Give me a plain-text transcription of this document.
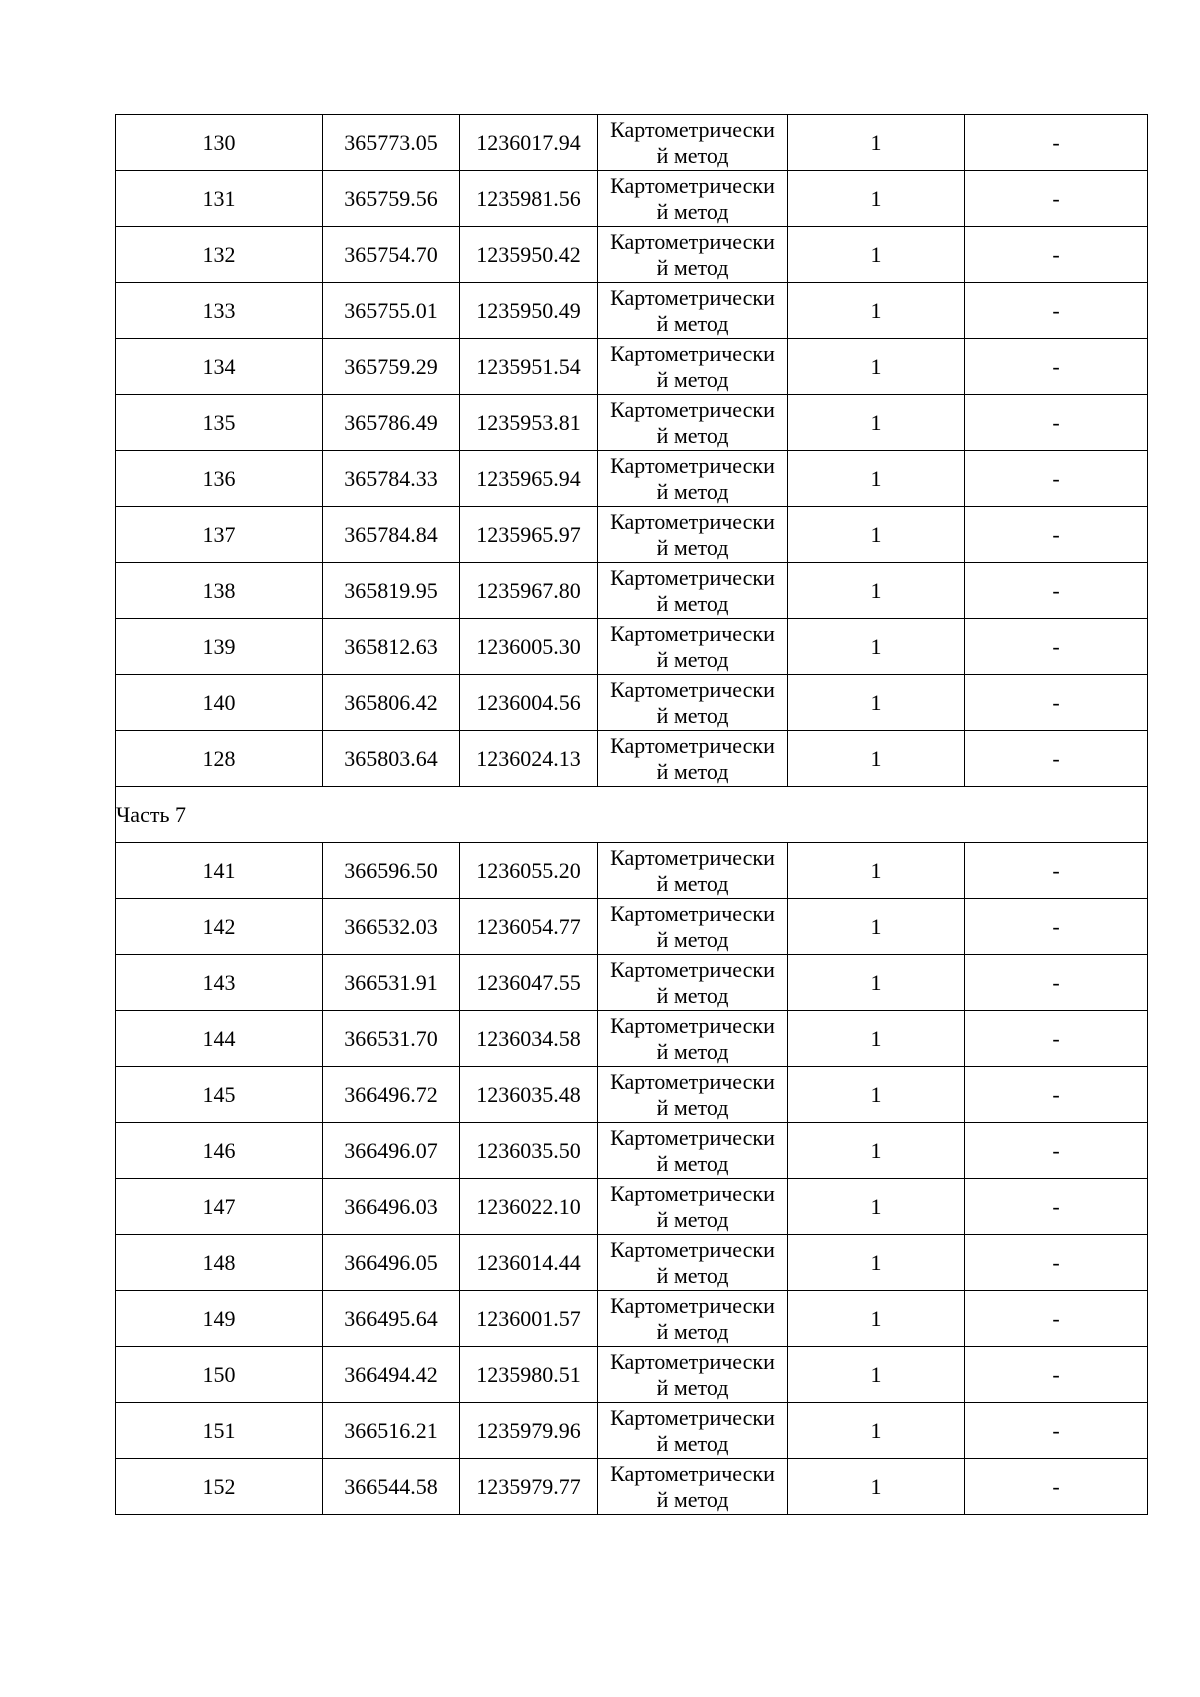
130	365773.05	1236017.94	Картометрически
й метод	1	-
131	365759.56	1235981.56	Картометрически
й метод	1	-
132	365754.70	1235950.42	Картометрически
й метод	1	-
133	365755.01	1235950.49	Картометрически
й метод	1	-
134	365759.29	1235951.54	Картометрически
й метод	1	-
135	365786.49	1235953.81	Картометрически
й метод	1	-
136	365784.33	1235965.94	Картометрически
й метод	1	-
137	365784.84	1235965.97	Картометрически
й метод	1	-
138	365819.95	1235967.80	Картометрически
й метод	1	-
139	365812.63	1236005.30	Картометрически
й метод	1	-
140	365806.42	1236004.56	Картометрически
й метод	1	-
128	365803.64	1236024.13	Картометрически
й метод	1	-
Часть 7					
141	366596.50	1236055.20	Картометрически
й метод	1	-
142	366532.03	1236054.77	Картометрически
й метод	1	-
143	366531.91	1236047.55	Картометрически
й метод	1	-
144	366531.70	1236034.58	Картометрически
й метод	1	-
145	366496.72	1236035.48	Картометрически
й метод	1	-
146	366496.07	1236035.50	Картометрически
й метод	1	-
147	366496.03	1236022.10	Картометрически
й метод	1	-
148	366496.05	1236014.44	Картометрически
й метод	1	-
149	366495.64	1236001.57	Картометрически
й метод	1	-
150	366494.42	1235980.51	Картометрически
й метод	1	-
151	366516.21	1235979.96	Картометрически
й метод	1	-
152	366544.58	1235979.77	Картометрически
й метод	1	-
